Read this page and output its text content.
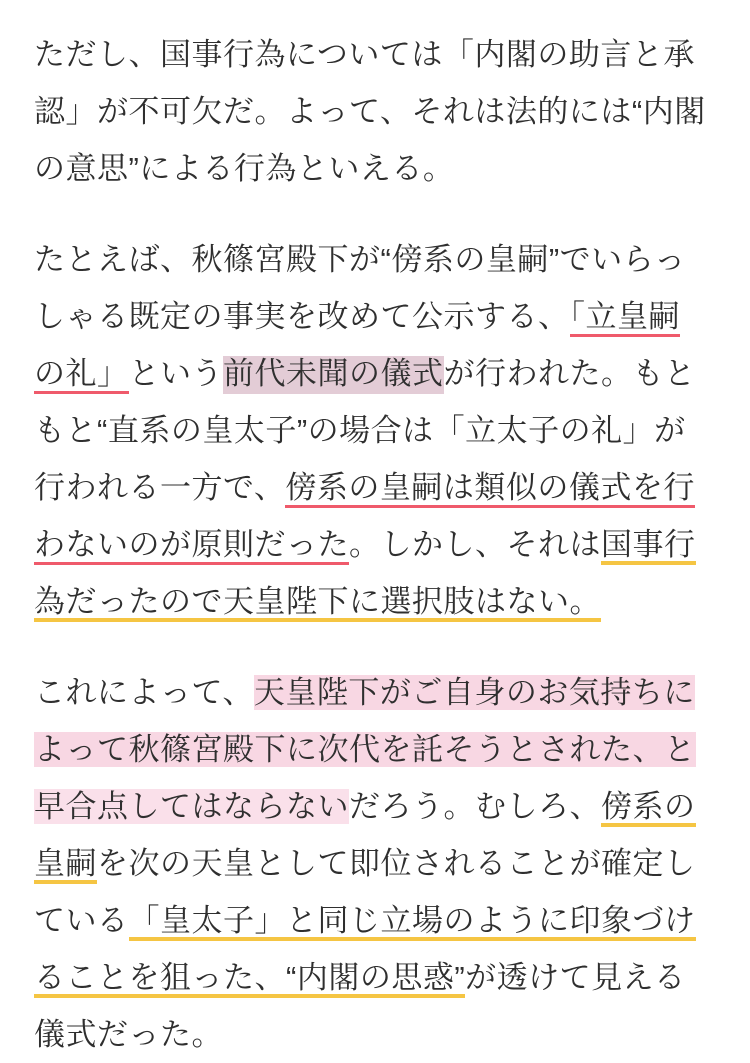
ただし、国事行為については「内閣の助言と承
認」が不可欠だ。よって、それは法的には“内閣
の意思”による行為といえる。

たとえば、秋篠宮殿下が“傍系の皇嗣”でいらっ
しゃる既定の事実を改めて公示する、「立皇嗣
の礼」という前代未聞の儀式が行われた。もと
もと“直系の皇太子”の場合は「立太子の礼」が
行われる一方で、傍系の皇嗣は類似の儀式を行
わないのが原則だった。しかし、それは国事行
為だったので天皇陛下に選択肢はない。

これによって、天皇陛下がご自身のお気持ちに
よって秋篠宮殿下に次代を託そうとされた、と
早合点してはならないだろう。むしろ、傍系の
皇嗣を次の天皇として即位されることが確定し
ている「皇太子」と同じ立場のように印象づけ
ることを狙った、“内閣の思惑”が透けて見える
儀式だった。
